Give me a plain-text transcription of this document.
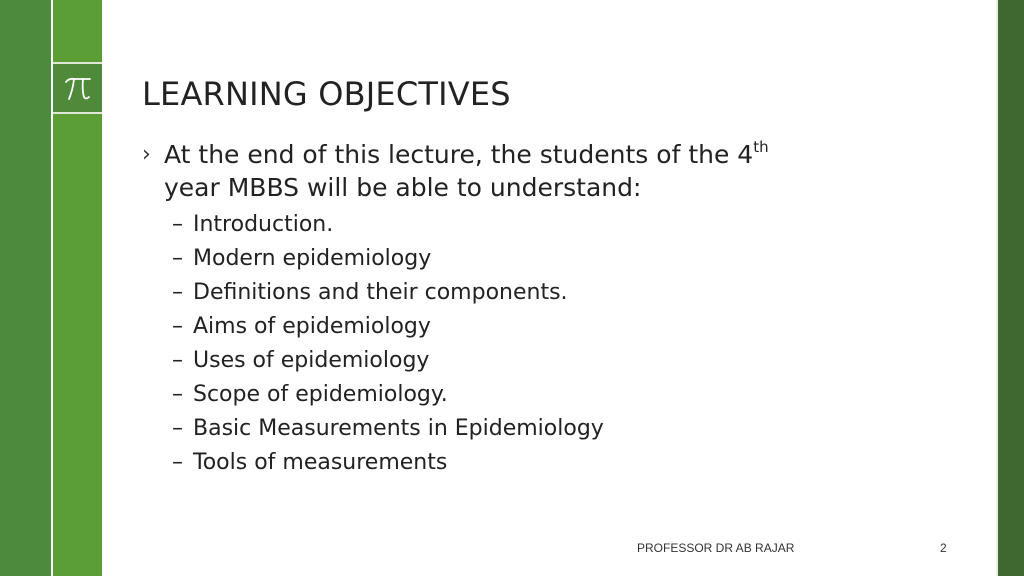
LEARNING OBJECTIVES
› At the end of this lecture, the students of the 4th
year MBBS will be able to understand:
– Introduction.
– Modern epidemiology
– Definitions and their components.
– Aims of epidemiology
– Uses of epidemiology
– Scope of epidemiology.
– Basic Measurements in Epidemiology
– Tools of measurements
PROFESSOR DR AB RAJAR	2
